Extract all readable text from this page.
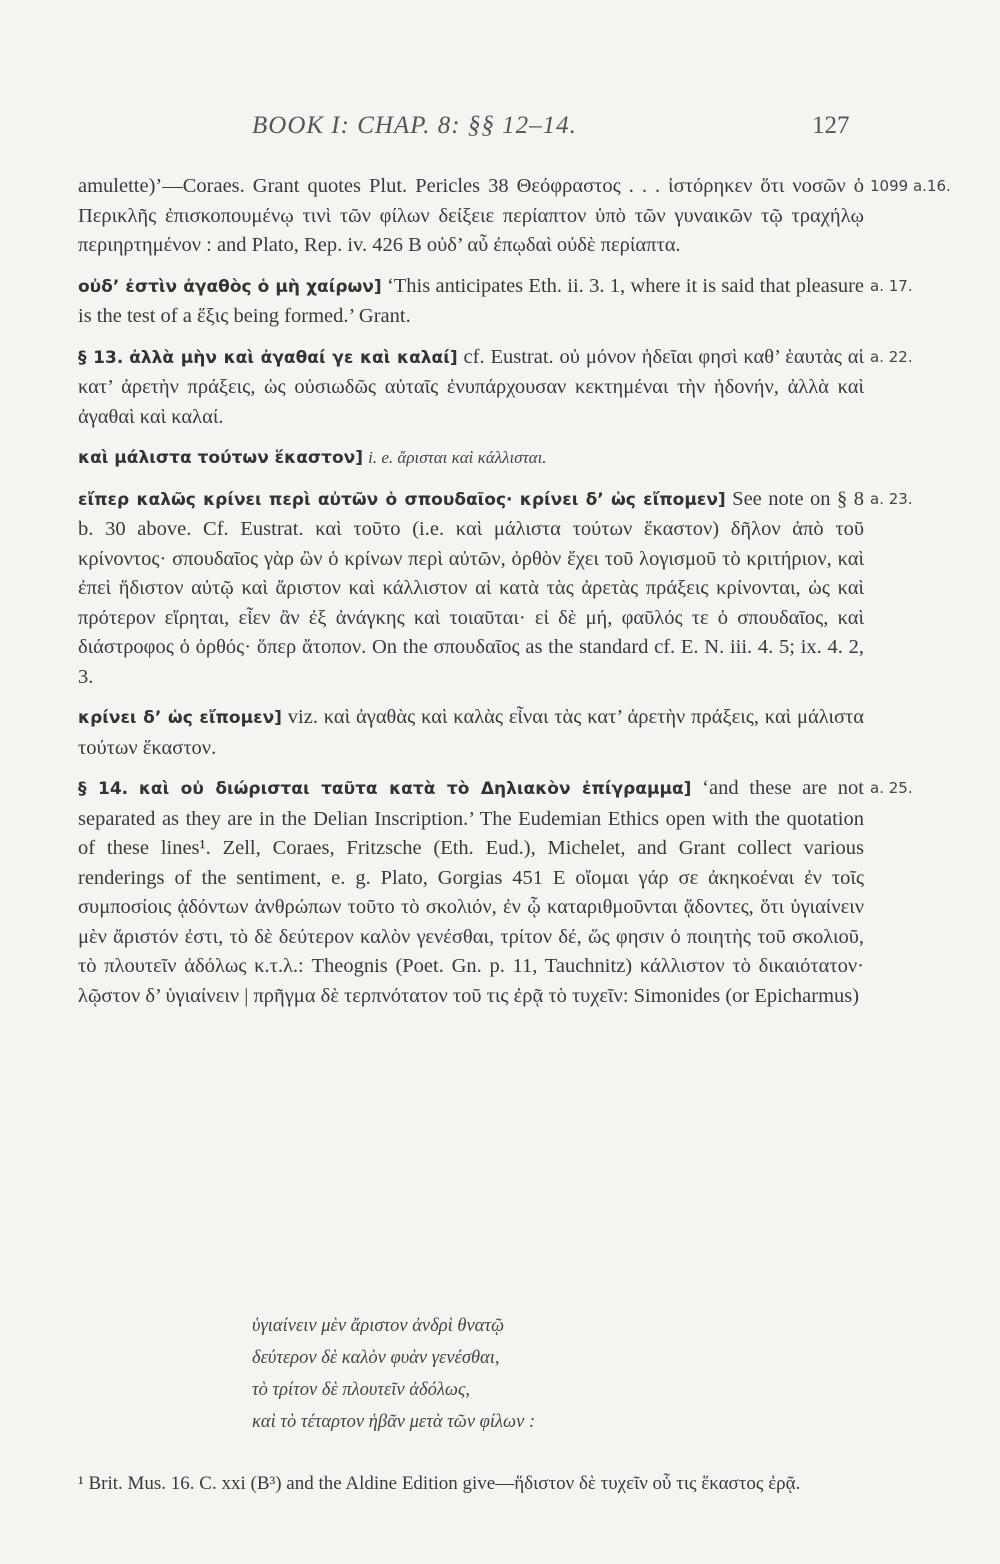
BOOK I: CHAP. 8: §§ 12–14.	127

1099 a.16.
amulette)’—Coraes. Grant quotes Plut. Pericles 38 Θεόφραστος . . . ἱστόρηκεν ὅτι νοσῶν ὁ Περικλῆς ἐπισκοπουμένῳ τινὶ τῶν φίλων δείξειε περίαπτον ὑπὸ τῶν γυναικῶν τῷ τραχήλῳ περιηρτημένον : and Plato, Rep. iv. 426 B οὐδ’ αὖ ἐπῳδαὶ οὐδὲ περίαπτα.

a. 17.
οὐδ’ ἐστὶν ἀγαθὸς ὁ μὴ χαίρων] ‘This anticipates Eth. ii. 3. 1, where it is said that pleasure is the test of a ἕξις being formed.’ Grant.

a. 22.
§ 13. ἀλλὰ μὴν καὶ ἀγαθαί γε καὶ καλαί] cf. Eustrat. οὐ μόνον ἡδεῖαι φησὶ καθ’ ἑαυτὰς αἱ κατ’ ἀρετὴν πράξεις, ὡς οὐσιωδῶς αὐταῖς ἐνυπάρχουσαν κεκτημέναι τὴν ἡδονήν, ἀλλὰ καὶ ἀγαθαὶ καὶ καλαί.

καὶ μάλιστα τούτων ἕκαστον] i. e. ἄρισται καὶ κάλλισται.

a. 23.
εἴπερ καλῶς κρίνει περὶ αὐτῶν ὁ σπουδαῖος· κρίνει δ’ ὡς εἴπομεν] See note on § 8 b. 30 above. Cf. Eustrat. καὶ τοῦτο (i.e. καὶ μάλιστα τούτων ἕκαστον) δῆλον ἀπὸ τοῦ κρίνοντος· σπουδαῖος γὰρ ὢν ὁ κρίνων περὶ αὐτῶν, ὀρθὸν ἔχει τοῦ λογισμοῦ τὸ κριτήριον, καὶ ἐπεὶ ἥδιστον αὐτῷ καὶ ἄριστον καὶ κάλλιστον αἱ κατὰ τὰς ἀρετὰς πράξεις κρίνονται, ὡς καὶ πρότερον εἴρηται, εἶεν ἂν ἐξ ἀνάγκης καὶ τοιαῦται· εἰ δὲ μή, φαῦλός τε ὁ σπουδαῖος, καὶ διάστροφος ὁ ὀρθός· ὅπερ ἄτοπον. On the σπουδαῖος as the standard cf. E. N. iii. 4. 5; ix. 4. 2, 3.

κρίνει δ’ ὡς εἴπομεν] viz. καὶ ἀγαθὰς καὶ καλὰς εἶναι τὰς κατ’ ἀρετὴν πράξεις, καὶ μάλιστα τούτων ἕκαστον.

a. 25.
§ 14. καὶ οὐ διώρισται ταῦτα κατὰ τὸ Δηλιακὸν ἐπίγραμμα] ‘and these are not separated as they are in the Delian Inscription.’ The Eudemian Ethics open with the quotation of these lines¹. Zell, Coraes, Fritzsche (Eth. Eud.), Michelet, and Grant collect various renderings of the sentiment, e. g. Plato, Gorgias 451 E οἴομαι γάρ σε ἀκηκοέναι ἐν τοῖς συμποσίοις ᾀδόντων ἀνθρώπων τοῦτο τὸ σκολιόν, ἐν ᾧ καταριθμοῦνται ᾄδοντες, ὅτι ὑγιαίνειν μὲν ἄριστόν ἐστι, τὸ δὲ δεύτερον καλὸν γενέσθαι, τρίτον δέ, ὥς φησιν ὁ ποιητὴς τοῦ σκολιοῦ, τὸ πλουτεῖν ἀδόλως κ.τ.λ.: Theognis (Poet. Gn. p. 11, Tauchnitz) κάλλιστον τὸ δικαιότατον· λῷστον δ’ ὑγιαίνειν | πρῆγμα δὲ τερπνότατον τοῦ τις ἐρᾷ τὸ τυχεῖν: Simonides (or Epicharmus)

ὑγιαίνειν μὲν ἄριστον ἀνδρὶ θνατῷ
δεύτερον δὲ καλὸν φυὰν γενέσθαι,
τὸ τρίτον δὲ πλουτεῖν ἀδόλως,
καὶ τὸ τέταρτον ἡβᾶν μετὰ τῶν φίλων :
¹ Brit. Mus. 16. C. xxi (B³) and the Aldine Edition give—ἥδιστον δὲ τυχεῖν οὗ τις ἕκαστος ἐρᾷ.
